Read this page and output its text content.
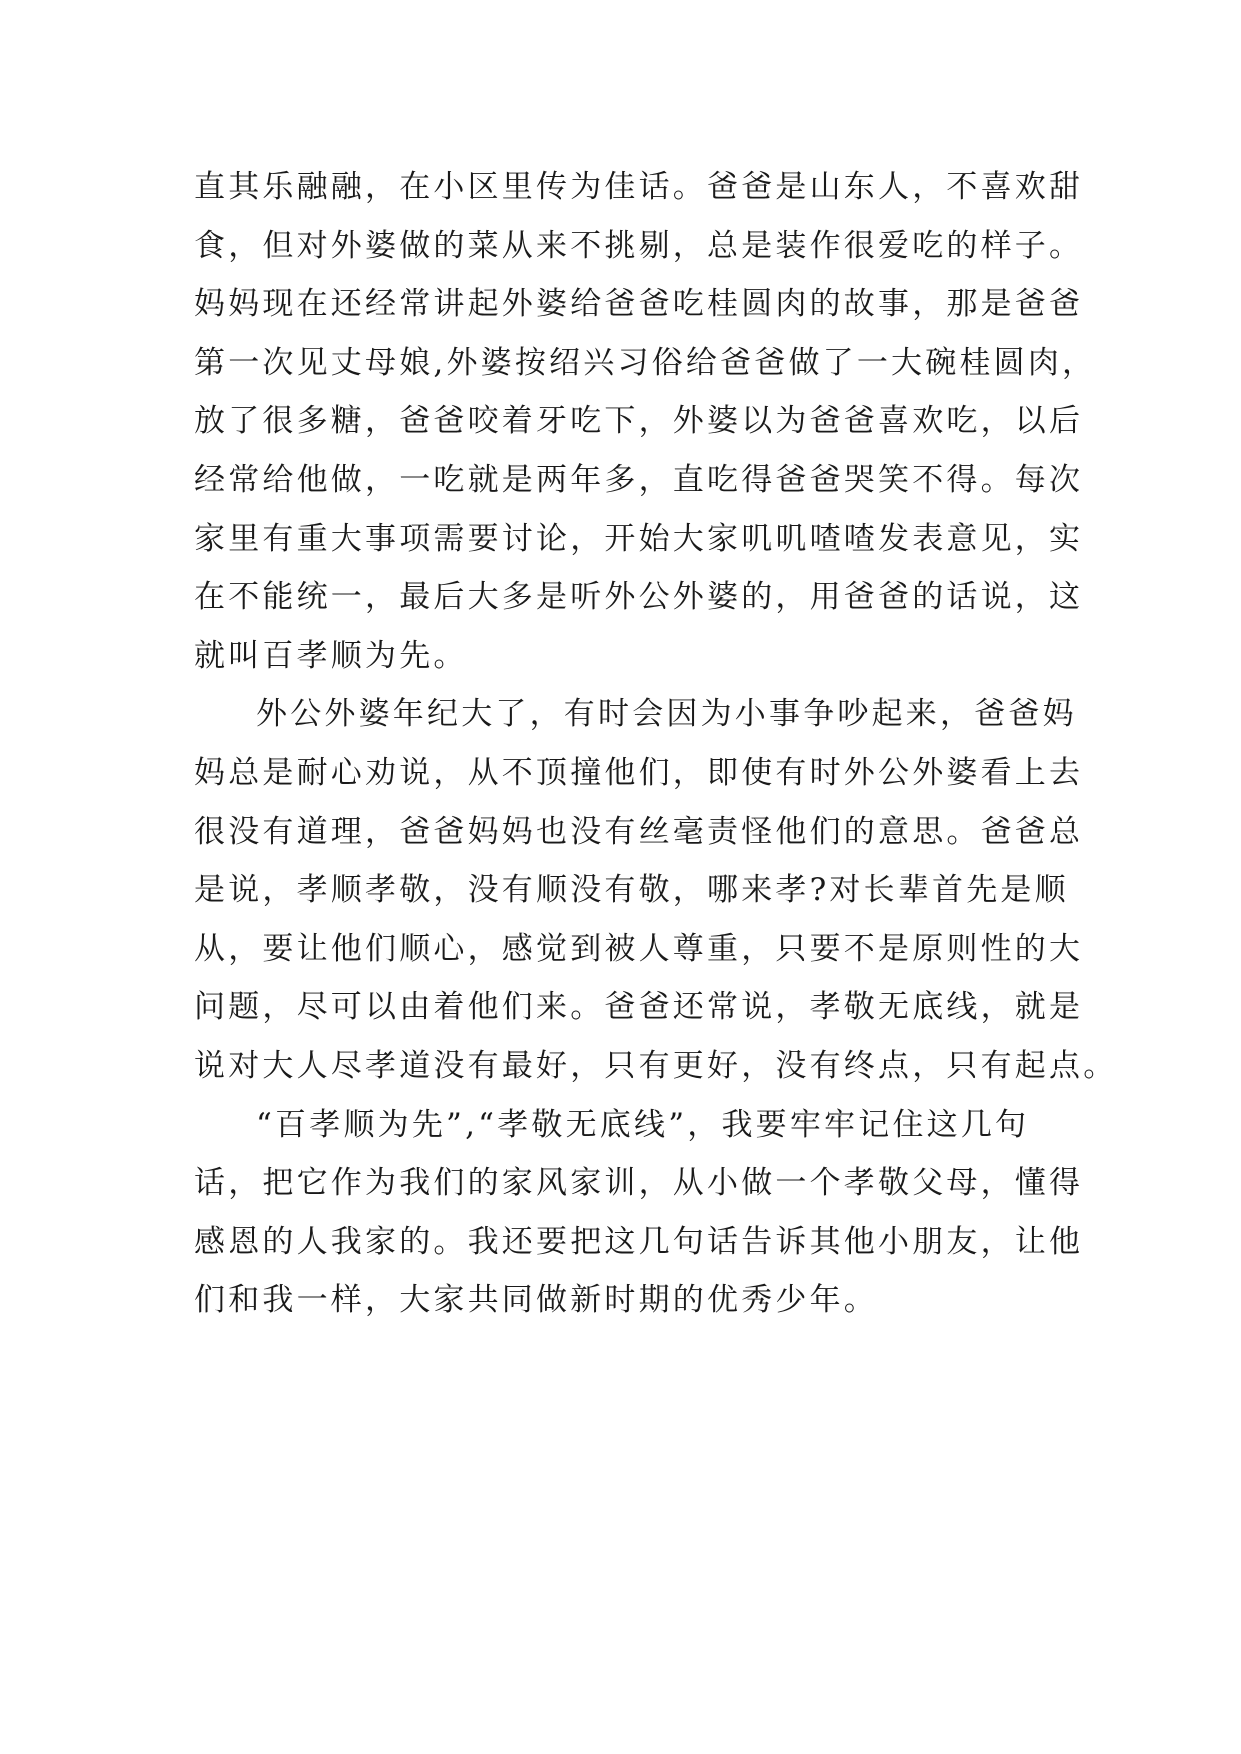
直其乐融融，在小区里传为佳话。爸爸是山东人，不喜欢甜
食，但对外婆做的菜从来不挑剔，总是装作很爱吃的样子。
妈妈现在还经常讲起外婆给爸爸吃桂圆肉的故事，那是爸爸
第一次见丈母娘,外婆按绍兴习俗给爸爸做了一大碗桂圆肉，
放了很多糖，爸爸咬着牙吃下，外婆以为爸爸喜欢吃，以后
经常给他做，一吃就是两年多，直吃得爸爸哭笑不得。每次
家里有重大事项需要讨论，开始大家叽叽喳喳发表意见，实
在不能统一，最后大多是听外公外婆的，用爸爸的话说，这
就叫百孝顺为先。
外公外婆年纪大了，有时会因为小事争吵起来，爸爸妈
妈总是耐心劝说，从不顶撞他们，即使有时外公外婆看上去
很没有道理，爸爸妈妈也没有丝毫责怪他们的意思。爸爸总
是说，孝顺孝敬，没有顺没有敬，哪来孝?对长辈首先是顺
从，要让他们顺心，感觉到被人尊重，只要不是原则性的大
问题，尽可以由着他们来。爸爸还常说，孝敬无底线，就是
说对大人尽孝道没有最好，只有更好，没有终点，只有起点。
“百孝顺为先”,“孝敬无底线”，我要牢牢记住这几句
话，把它作为我们的家风家训，从小做一个孝敬父母，懂得
感恩的人我家的。我还要把这几句话告诉其他小朋友，让他
们和我一样，大家共同做新时期的优秀少年。
